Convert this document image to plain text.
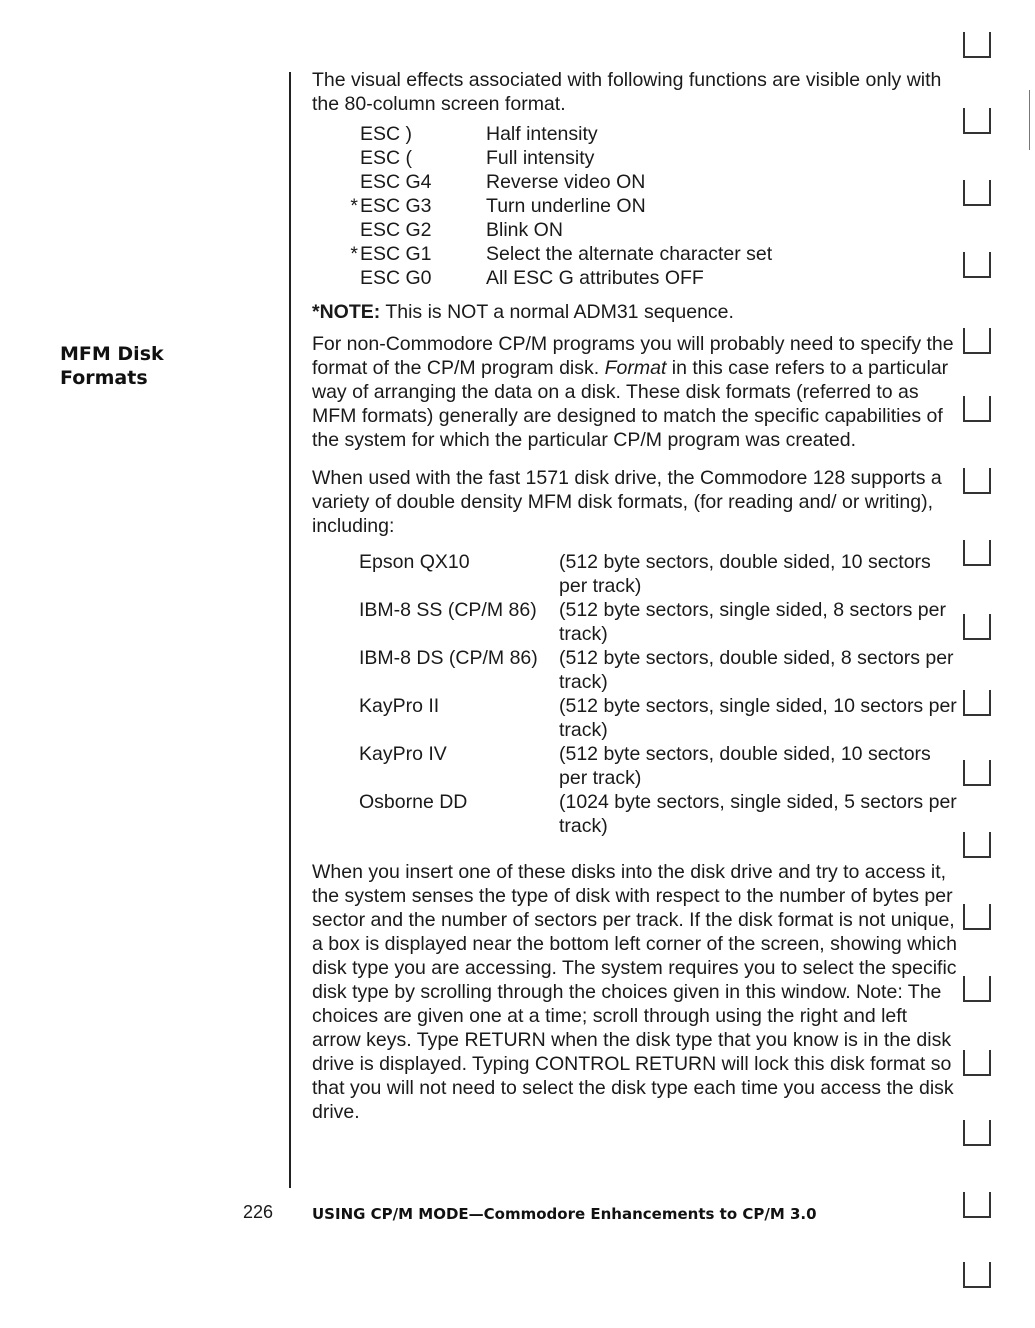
MFM Disk
Formats

The visual effects associated with following functions are visible only with the 80-column screen format.

ESC )	Half intensity
ESC (	Full intensity
ESC G4	Reverse video ON
* ESC G3	Turn underline ON
ESC G2	Blink ON
* ESC G1	Select the alternate character set
ESC G0	All ESC G attributes OFF

*NOTE: This is NOT a normal ADM31 sequence.

For non-Commodore CP/M programs you will probably need to specify the format of the CP/M program disk. Format in this case refers to a particular way of arranging the data on a disk. These disk formats (referred to as MFM formats) generally are designed to match the specific capabilities of the system for which the particular CP/M program was created.

When used with the fast 1571 disk drive, the Commodore 128 supports a variety of double density MFM disk formats, (for reading and/ or writing), including:

Epson QX10	(512 byte sectors, double sided, 10 sectors per track)
IBM-8 SS (CP/M 86)	(512 byte sectors, single sided, 8 sectors per track)
IBM-8 DS (CP/M 86)	(512 byte sectors, double sided, 8 sectors per track)
KayPro II	(512 byte sectors, single sided, 10 sectors per track)
KayPro IV	(512 byte sectors, double sided, 10 sectors per track)
Osborne DD	(1024 byte sectors, single sided, 5 sectors per track)

When you insert one of these disks into the disk drive and try to access it, the system senses the type of disk with respect to the number of bytes per sector and the number of sectors per track. If the disk format is not unique, a box is displayed near the bottom left corner of the screen, showing which disk type you are accessing. The system requires you to select the specific disk type by scrolling through the choices given in this window. Note: The choices are given one at a time; scroll through using the right and left arrow keys. Type RETURN when the disk type that you know is in the disk drive is displayed. Typing CONTROL RETURN will lock this disk format so that you will not need to select the disk type each time you access the disk drive.

226	USING CP/M MODE—Commodore Enhancements to CP/M 3.0
